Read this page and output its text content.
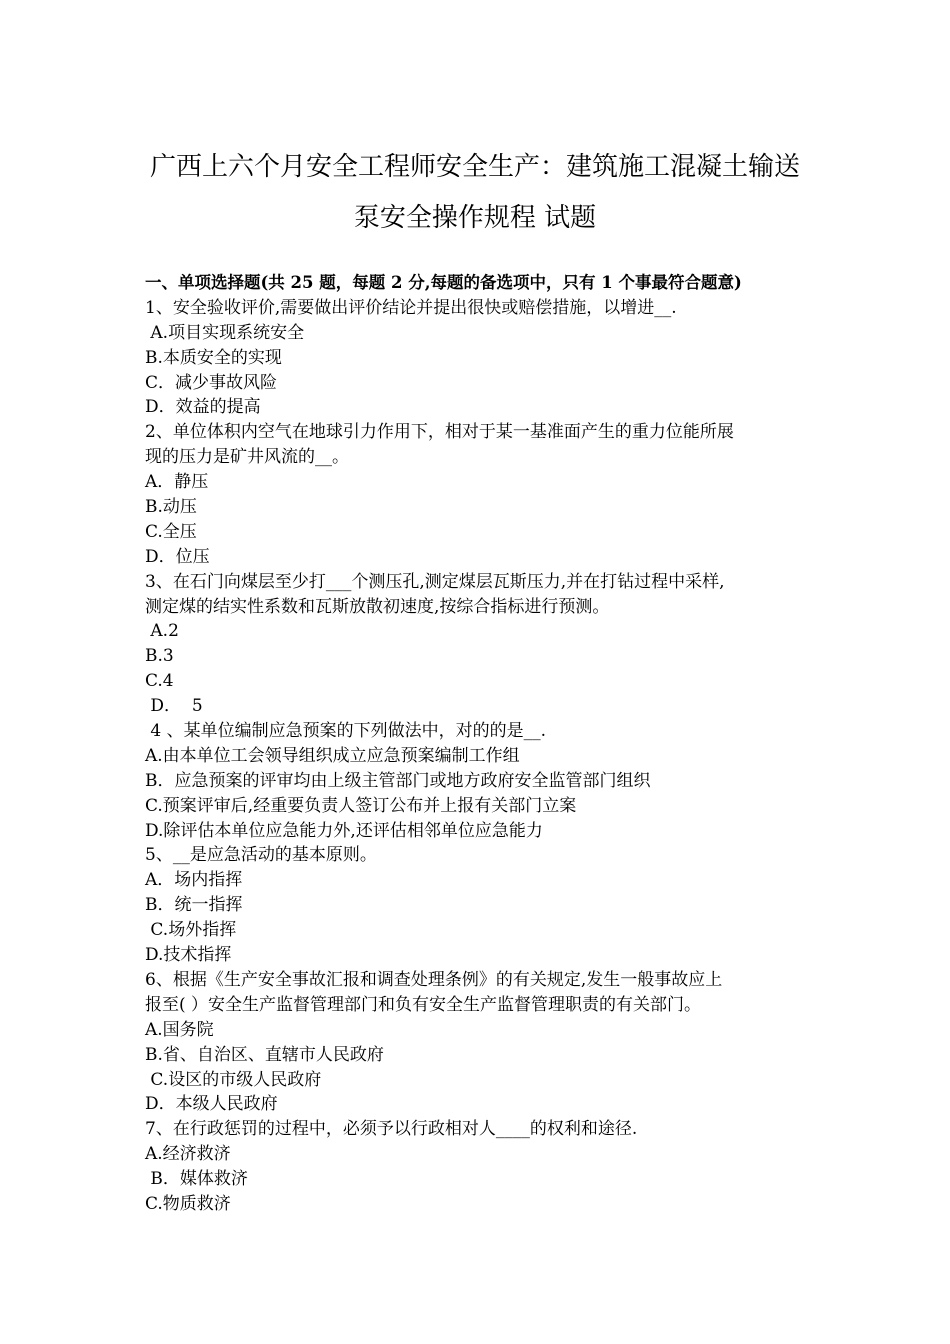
广西上六个月安全工程师安全生产：建筑施工混凝土输送
泵安全操作规程 试题
一、单项选择题(共 25 题，每题 2 分,每题的备选项中，只有 1 个事最符合题意)
1、安全验收评价,需要做出评价结论并提出很快或赔偿措施，以增进__.
A.项目实现系统安全
B.本质安全的实现
C．减少事故风险
D．效益的提高
2、单位体积内空气在地球引力作用下，相对于某一基准面产生的重力位能所展
现的压力是矿井风流的__。
A．静压
B.动压
C.全压
D．位压
3、在石门向煤层至少打___个测压孔,测定煤层瓦斯压力,并在打钻过程中采样,
测定煤的结实性系数和瓦斯放散初速度,按综合指标进行预测。
A.2
B.3
C.4
D．  5
4 、某单位编制应急预案的下列做法中，对的的是__.
A.由本单位工会领导组织成立应急预案编制工作组
B．应急预案的评审均由上级主管部门或地方政府安全监管部门组织
C.预案评审后,经重要负责人签订公布并上报有关部门立案
D.除评估本单位应急能力外,还评估相邻单位应急能力
5、__是应急活动的基本原则。
A．场内指挥
B．统一指挥
C.场外指挥
D.技术指挥
6、根据《生产安全事故汇报和调查处理条例》的有关规定,发生一般事故应上
报至( ）安全生产监督管理部门和负有安全生产监督管理职责的有关部门。
A.国务院
B.省、自治区、直辖市人民政府
C.设区的市级人民政府
D．本级人民政府
7、在行政惩罚的过程中，必须予以行政相对人____的权利和途径.
A.经济救济
B．媒体救济
C.物质救济
